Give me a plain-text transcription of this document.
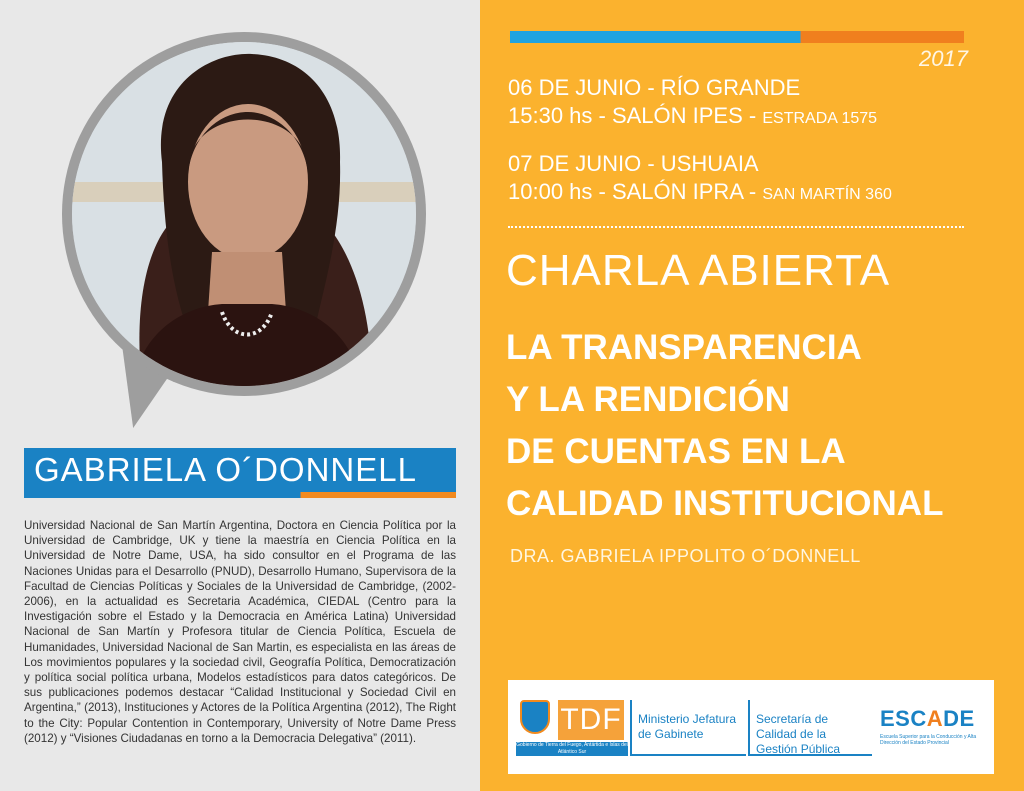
GABRIELA O´DONNELL
Universidad Nacional de San Martín Argentina, Doctora en Ciencia Política por la Universidad de Cambridge, UK y tiene la maestría en Ciencia Política en la Universidad de Notre Dame, USA, ha sido consultor en el Programa de las Naciones Unidas para el Desarrollo (PNUD), Desarrollo Humano, Supervisora de la Facultad de Ciencias Políticas y Sociales de la Universidad de Cambridge, (2002-2006), en la actualidad es Secretaria Académica, CIEDAL (Centro para la Investigación sobre el Estado y la Democracia en América Latina) Universidad Nacional de San Martín y Profesora titular de Ciencia Política, Escuela de Humanidades, Universidad Nacional de San Martin, es especialista en las áreas de Los movimientos populares y la sociedad civil, Geografía Política, Democratización y política social política urbana, Modelos estadísticos para datos categóricos. De sus publicaciones podemos destacar “Calidad Institucional y Sociedad Civil en Argentina,” (2013), Instituciones y Actores de la Política Argentina (2012), The Right to the City: Popular Contention in Contemporary, University of Notre Dame Press (2012) y “Visiones Ciudadanas en torno a la Democracia Delegativa” (2011).
2017
06 DE JUNIO - RÍO GRANDE
15:30 hs - SALÓN IPES - ESTRADA 1575
07 DE JUNIO - USHUAIA
10:00 hs - SALÓN IPRA - SAN MARTÍN 360
CHARLA ABIERTA
LA TRANSPARENCIA
Y LA RENDICIÓN
DE CUENTAS EN LA
CALIDAD INSTITUCIONAL
DRA. GABRIELA IPPOLITO O´DONNELL
TDF
Gobierno de Tierra del Fuego, Antártida e Islas del Atlántico Sur
Ministerio Jefatura de Gabinete
Secretaría de Calidad de la Gestión Pública
ESCADE
Escuela Superior para la Conducción y Alta Dirección del Estado Provincial
